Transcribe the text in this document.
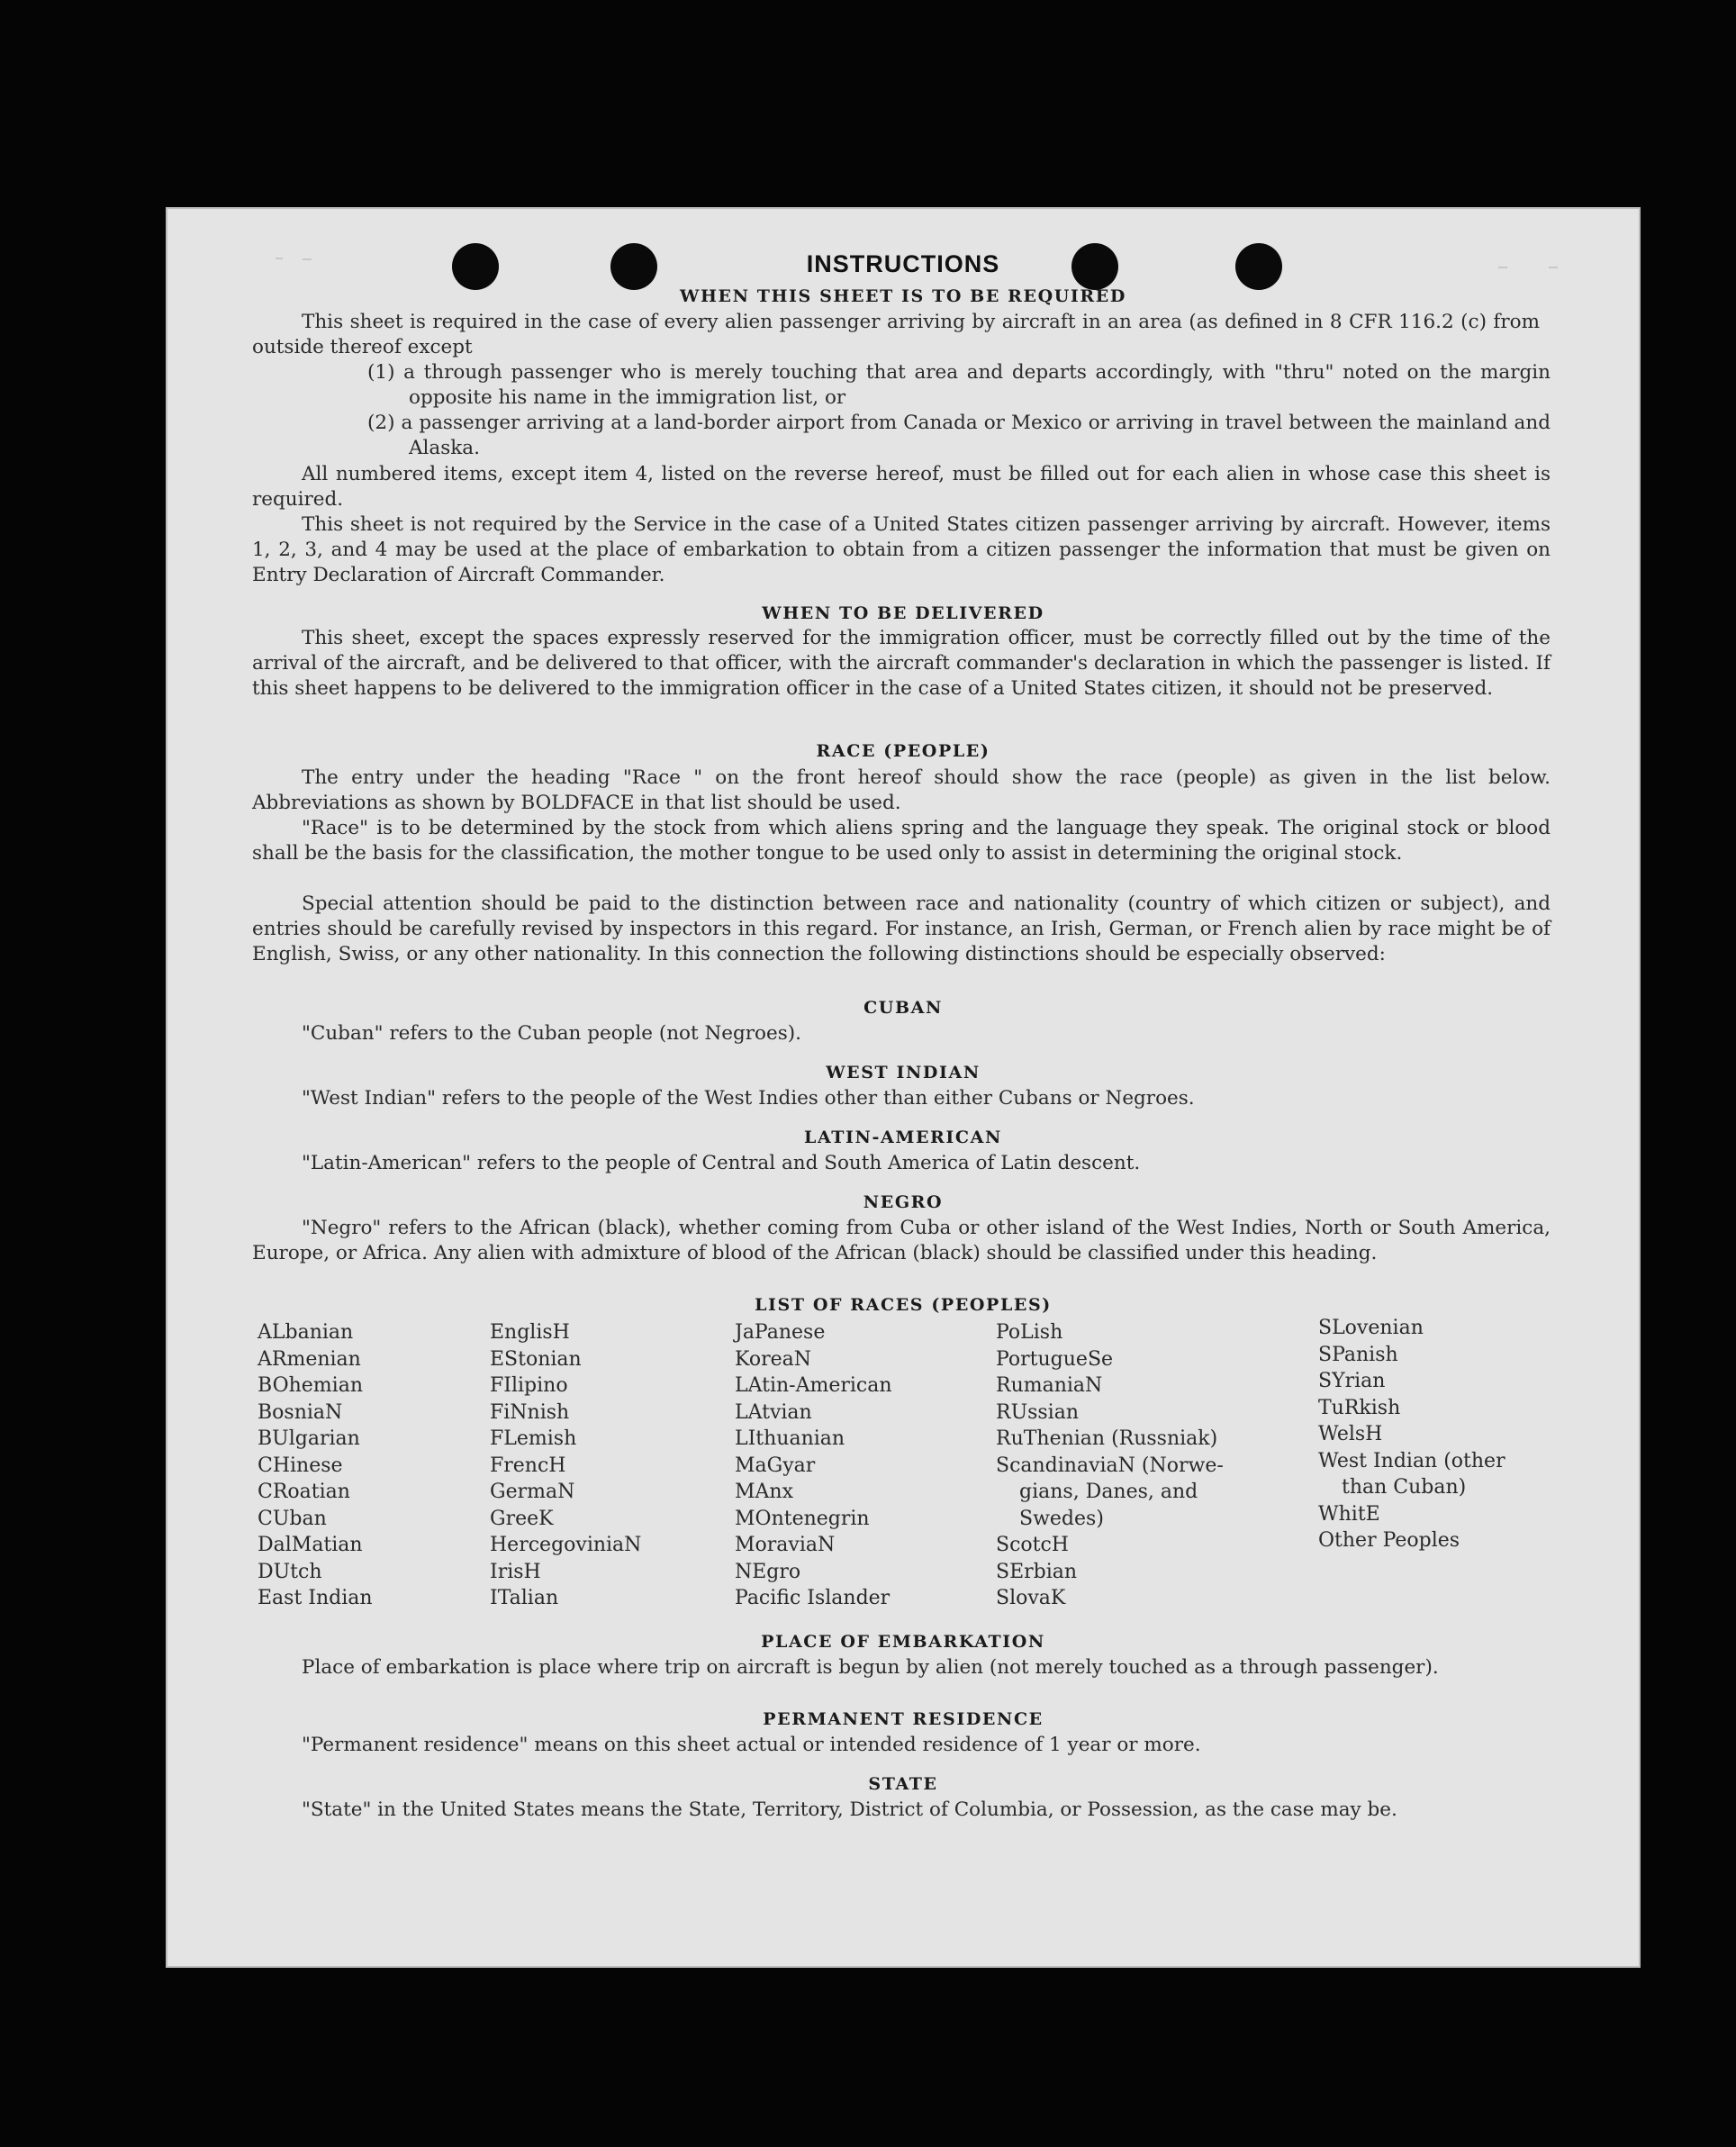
INSTRUCTIONS
WHEN THIS SHEET IS TO BE REQUIRED
This sheet is required in the case of every alien passenger arriving by aircraft in an area (as defined in 8 CFR 116.2 (c) from outside thereof except
(1) a through passenger who is merely touching that area and departs accordingly, with "thru" noted on the margin opposite his name in the immigration list, or
(2) a passenger arriving at a land-border airport from Canada or Mexico or arriving in travel between the mainland and Alaska.
All numbered items, except item 4, listed on the reverse hereof, must be filled out for each alien in whose case this sheet is required.
This sheet is not required by the Service in the case of a United States citizen passenger arriving by aircraft. However, items 1, 2, 3, and 4 may be used at the place of embarkation to obtain from a citizen passenger the information that must be given on Entry Declaration of Aircraft Commander.
WHEN TO BE DELIVERED
This sheet, except the spaces expressly reserved for the immigration officer, must be correctly filled out by the time of the arrival of the aircraft, and be delivered to that officer, with the aircraft commander's declaration in which the passenger is listed. If this sheet happens to be delivered to the immigration officer in the case of a United States citizen, it should not be preserved.
RACE (PEOPLE)
The entry under the heading "Race " on the front hereof should show the race (people) as given in the list below. Abbreviations as shown by BOLDFACE in that list should be used.
"Race" is to be determined by the stock from which aliens spring and the language they speak. The original stock or blood shall be the basis for the classification, the mother tongue to be used only to assist in determining the original stock.
Special attention should be paid to the distinction between race and nationality (country of which citizen or subject), and entries should be carefully revised by inspectors in this regard. For instance, an Irish, German, or French alien by race might be of English, Swiss, or any other nationality. In this connection the following distinctions should be especially observed:
CUBAN
"Cuban" refers to the Cuban people (not Negroes).
WEST INDIAN
"West Indian" refers to the people of the West Indies other than either Cubans or Negroes.
LATIN-AMERICAN
"Latin-American" refers to the people of Central and South America of Latin descent.
NEGRO
"Negro" refers to the African (black), whether coming from Cuba or other island of the West Indies, North or South America, Europe, or Africa. Any alien with admixture of blood of the African (black) should be classified under this heading.
LIST OF RACES (PEOPLES)
ALbanian
ARmenian
BOhemian
BosniaN
BUlgarian
CHinese
CRoatian
CUban
DalMatian
DUtch
East Indian
EnglisH
EStonian
FIlipino
FiNnish
FLemish
FrencH
GermaN
GreeK
HercegoviniaN
IrisH
ITalian
JaPanese
KoreaN
LAtin-American
LAtvian
LIthuanian
MaGyar
MAnx
MOntenegrin
MoraviaN
NEgro
Pacific Islander
PoLish
PortugueSe
RumaniaN
RUssian
RuThenian (Russniak)
ScandinaviaN (Norwe-
gians, Danes, and
Swedes)
ScotcH
SErbian
SlovaK
SLovenian
SPanish
SYrian
TuRkish
WelsH
West Indian (other
than Cuban)
WhitE
Other Peoples
PLACE OF EMBARKATION
Place of embarkation is place where trip on aircraft is begun by alien (not merely touched as a through passenger).
PERMANENT RESIDENCE
"Permanent residence" means on this sheet actual or intended residence of 1 year or more.
STATE
"State" in the United States means the State, Territory, District of Columbia, or Possession, as the case may be.
